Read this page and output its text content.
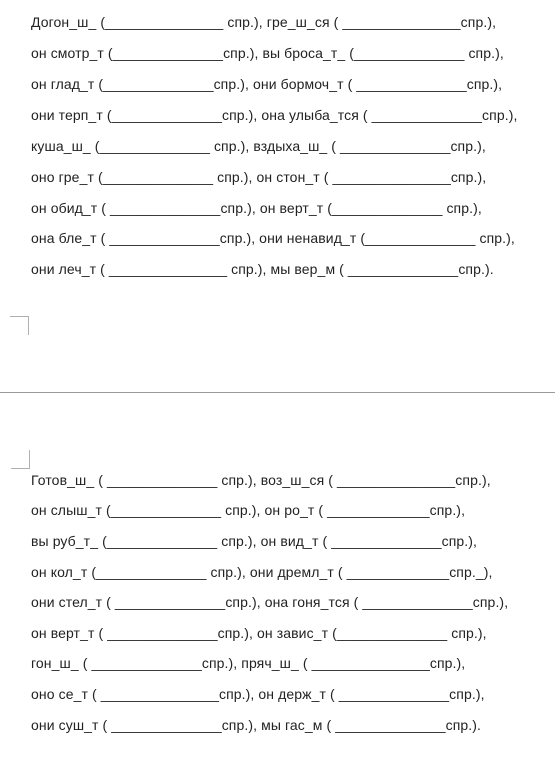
Догон_ш_ (_______________ спр.), гре_ш_ся ( _______________спр.),
он смотр_т (______________спр.), вы броса_т_ (______________ спр.),
он глад_т (______________спр.), они бормоч_т ( ______________спр.),
они терп_т (______________спр.), она улыба_тся ( ______________спр.),
куша_ш_ (______________ спр.), вздыха_ш_ ( ______________спр.),
оно гре_т (______________ спр.), он стон_т ( _______________спр.),
он обид_т ( ______________спр.), он верт_т (______________ спр.),
она бле_т ( ______________спр.), они ненавид_т (______________ спр.),
они леч_т ( _______________ спр.), мы вер_м ( ______________спр.).
Готов_ш_ ( ______________ спр.), воз_ш_ся ( _______________спр.),
он слыш_т (______________ спр.), он ро_т ( _____________спр.),
вы руб_т_ (______________ спр.), он вид_т ( ______________спр.),
он кол_т (______________ спр.), они дремл_т ( _____________спр._),
они стел_т ( ______________спр.), она гоня_тся ( ______________спр.),
он верт_т ( ______________спр.), он завис_т (______________ спр.),
гон_ш_ ( ______________спр.), пряч_ш_ ( _______________спр.),
оно се_т ( _______________спр.), он держ_т ( ______________спр.),
они суш_т ( ______________спр.), мы гас_м ( ______________спр.).
